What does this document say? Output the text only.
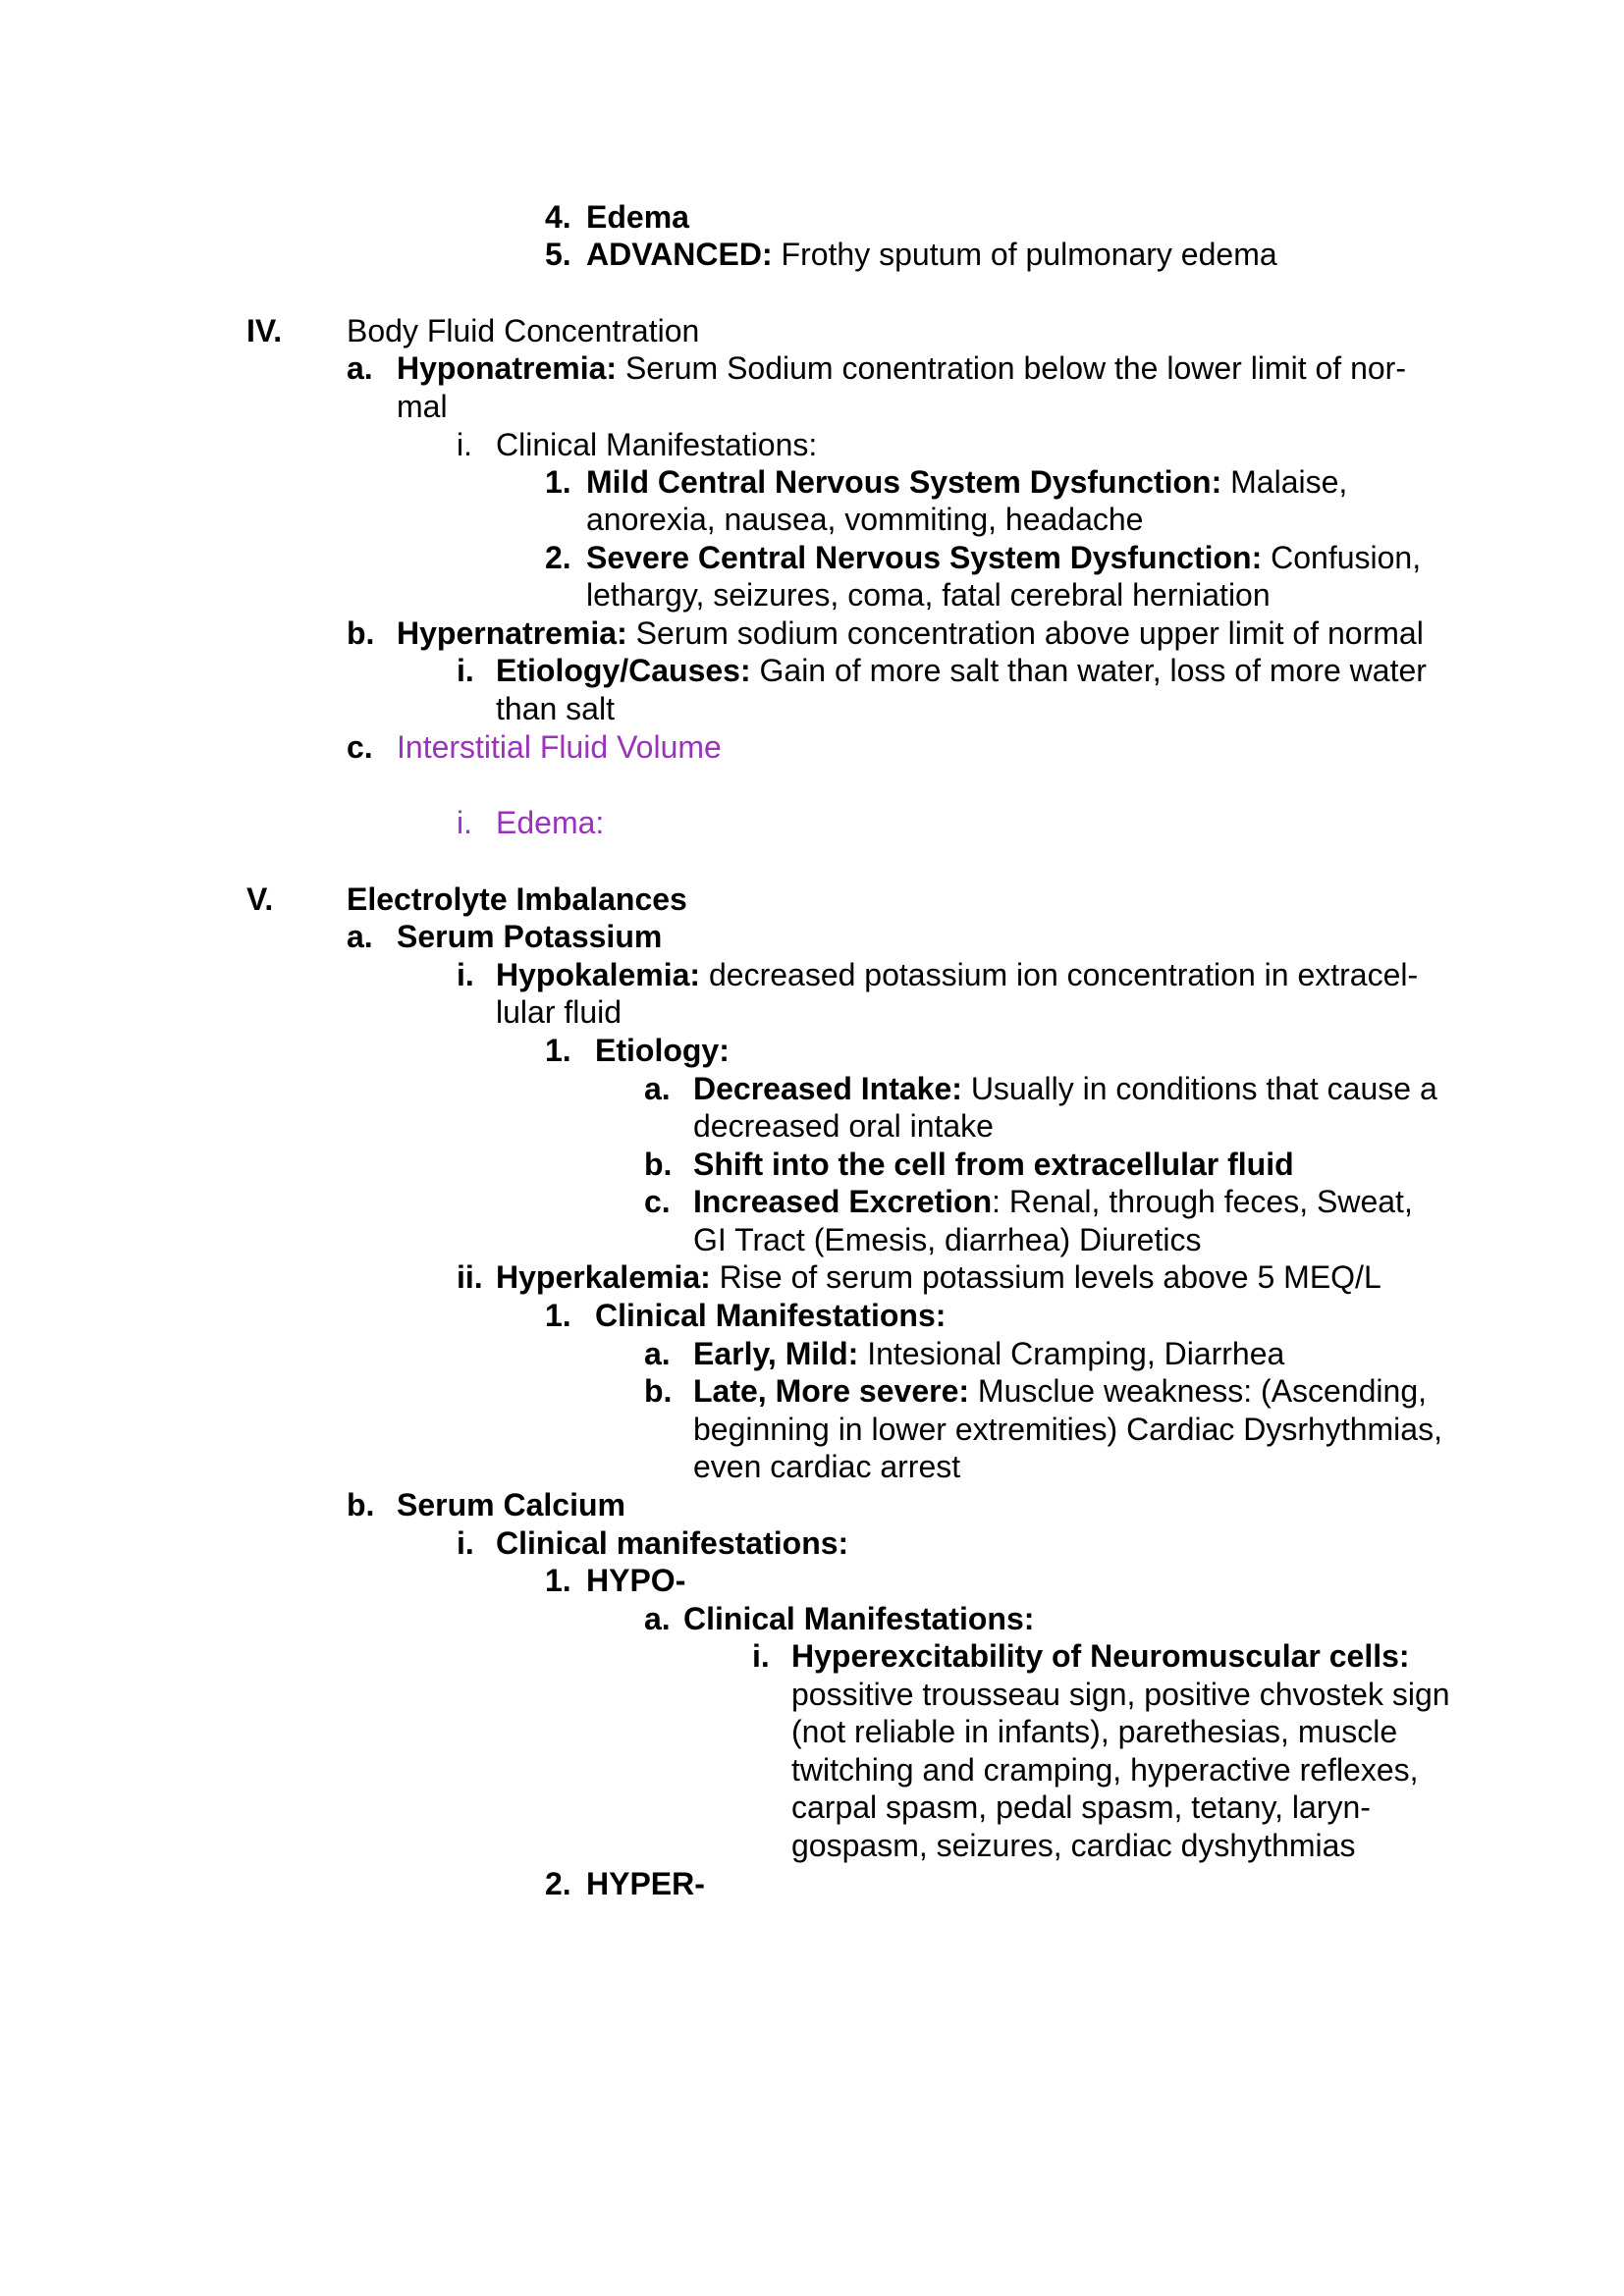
4. Edema
5. ADVANCED: Frothy sputum of pulmonary edema
IV. Body Fluid Concentration
a. Hyponatremia: Serum Sodium conentration below the lower limit of nor-
mal
i. Clinical Manifestations:
1. Mild Central Nervous System Dysfunction: Malaise,
anorexia, nausea, vommiting, headache
2. Severe Central Nervous System Dysfunction: Confusion,
lethargy, seizures, coma, fatal cerebral herniation
b. Hypernatremia: Serum sodium concentration above upper limit of normal
i. Etiology/Causes: Gain of more salt than water, loss of more water
than salt
c. Interstitial Fluid Volume
i. Edema:
V. Electrolyte Imbalances
a. Serum Potassium
i. Hypokalemia: decreased potassium ion concentration in extracel-
lular fluid
1. Etiology:
a. Decreased Intake: Usually in conditions that cause a
decreased oral intake
b. Shift into the cell from extracellular fluid
c. Increased Excretion: Renal, through feces, Sweat,
GI Tract (Emesis, diarrhea) Diuretics
ii. Hyperkalemia: Rise of serum potassium levels above 5 MEQ/L
1. Clinical Manifestations:
a. Early, Mild: Intesional Cramping, Diarrhea
b. Late, More severe: Musclue weakness: (Ascending,
beginning in lower extremities) Cardiac Dysrhythmias,
even cardiac arrest
b. Serum Calcium
i. Clinical manifestations:
1. HYPO-
a. Clinical Manifestations:
i. Hyperexcitability of Neuromuscular cells:
possitive trousseau sign, positive chvostek sign
(not reliable in infants), parethesias, muscle
twitching and cramping, hyperactive reflexes,
carpal spasm, pedal spasm, tetany, laryn-
gospasm, seizures, cardiac dyshythmias
2. HYPER-
